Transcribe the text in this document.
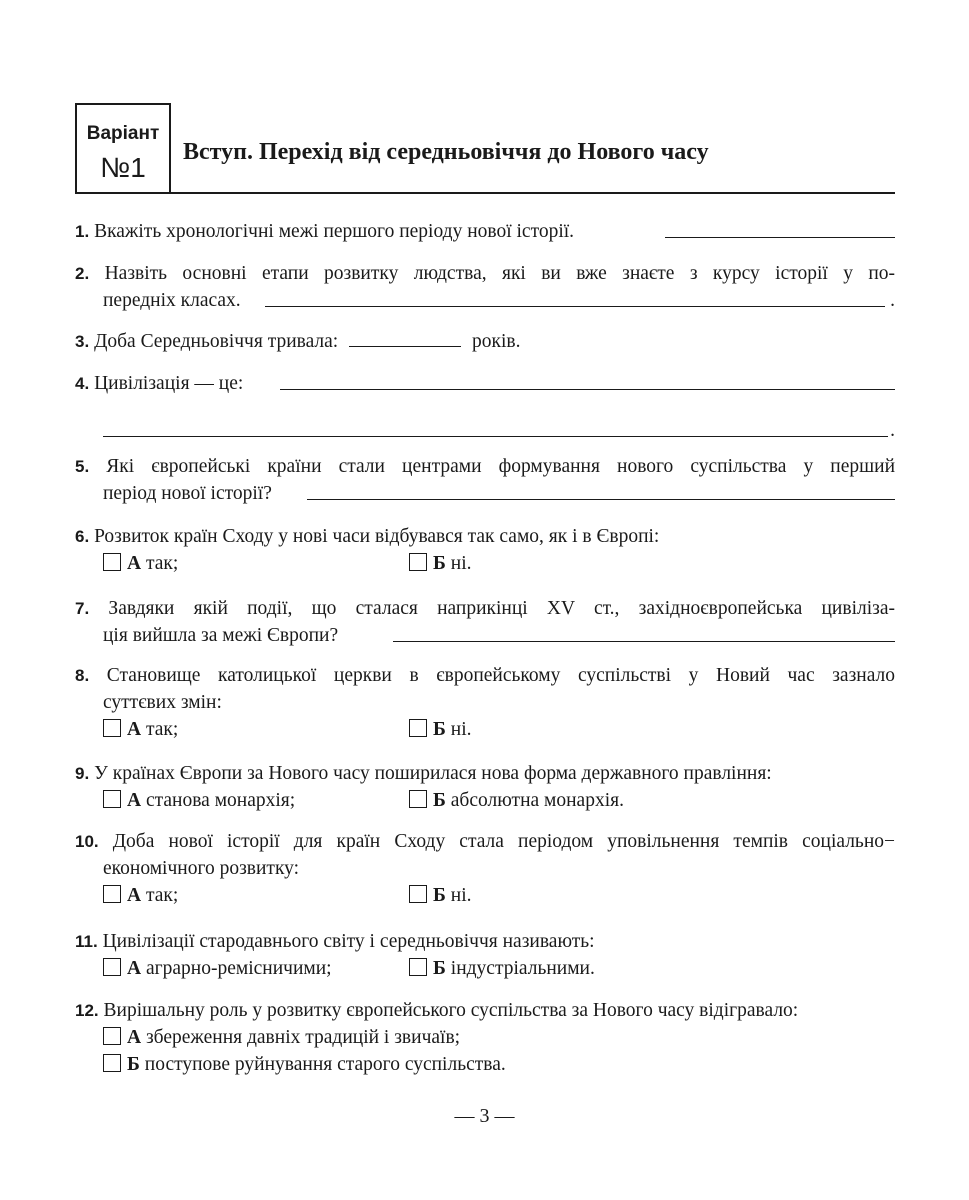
Варіант
№1	Вступ. Перехід від середньовіччя до Нового часу
1. Вкажіть хронологічні межі першого періоду нової історії.
2. Назвіть основні етапи розвитку людства, які ви вже знаєте з курсу історії у по-
передніх класах.	.
3. Доба Середньовіччя тривала:	років.
4. Цивілізація — це:
.
5. Які європейські країни стали центрами формування нового суспільства у перший
період нової історії?
6. Розвиток країн Сходу у нові часи відбувався так само, як і в Європі:
А так;	Б ні.
7. Завдяки якій події, що сталася наприкінці XV ст., західноєвропейська цивіліза-
ція вийшла за межі Європи?
8. Становище католицької церкви в європейському суспільстві у Новий час зазнало
суттєвих змін:
А так;	Б ні.
9. У країнах Європи за Нового часу поширилася нова форма державного правління:
А станова монархія;	Б абсолютна монархія.
10. Доба нової історії для країн Сходу стала періодом уповільнення темпів соціально−
економічного розвитку:
А так;	Б ні.
11. Цивілізації стародавнього світу і середньовіччя називають:
А аграрно-ремісничими;	Б індустріальними.
12. Вирішальну роль у розвитку європейського суспільства за Нового часу відігравало:
А збереження давніх традицій і звичаїв;
Б поступове руйнування старого суспільства.
— 3 —
